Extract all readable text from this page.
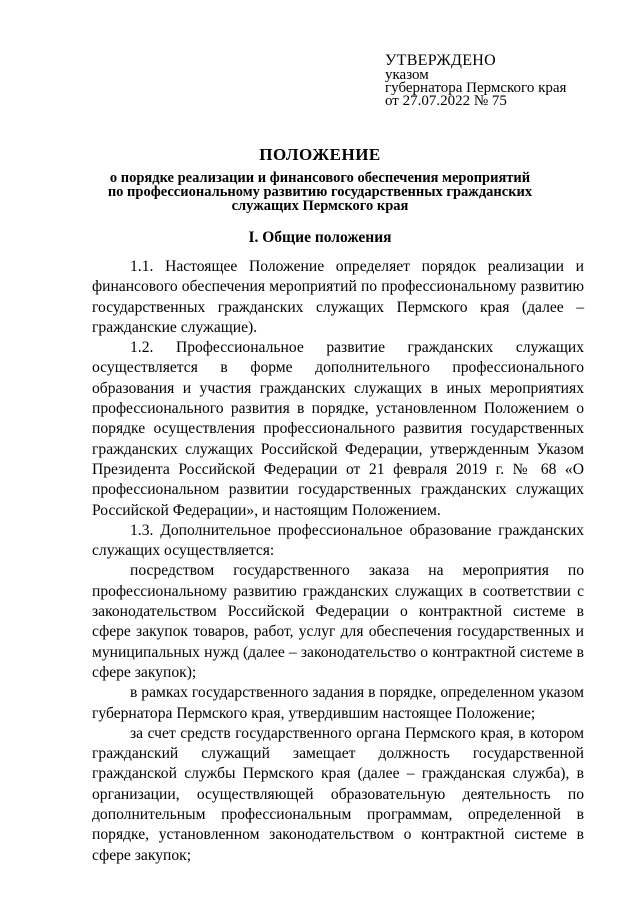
УТВЕРЖДЕНО
указом
губернатора Пермского края
от 27.07.2022 № 75
ПОЛОЖЕНИЕ
о порядке реализации и финансового обеспечения мероприятий
по профессиональному развитию государственных гражданских
служащих Пермского края
I. Общие положения

1.1. Настоящее Положение определяет порядок реализации и финансового обеспечения мероприятий по профессиональному развитию государственных гражданских служащих Пермского края (далее – гражданские служащие).

1.2. Профессиональное развитие гражданских служащих осуществляется в форме дополнительного профессионального образования и участия гражданских служащих в иных мероприятиях профессионального развития в порядке, установленном Положением о порядке осуществления профессионального развития государственных гражданских служащих Российской Федерации, утвержденным Указом Президента Российской Федерации от 21 февраля 2019 г. № 68 «О профессиональном развитии государственных гражданских служащих Российской Федерации», и настоящим Положением.

1.3. Дополнительное профессиональное образование гражданских служащих осуществляется:

посредством государственного заказа на мероприятия по профессиональному развитию гражданских служащих в соответствии с законодательством Российской Федерации о контрактной системе в сфере закупок товаров, работ, услуг для обеспечения государственных и муниципальных нужд (далее – законодательство о контрактной системе в сфере закупок);

в рамках государственного задания в порядке, определенном указом губернатора Пермского края, утвердившим настоящее Положение;

за счет средств государственного органа Пермского края, в котором гражданский служащий замещает должность государственной гражданской службы Пермского края (далее – гражданская служба), в организации, осуществляющей образовательную деятельность по дополнительным профессиональным программам, определенной в порядке, установленном законодательством о контрактной системе в сфере закупок;
